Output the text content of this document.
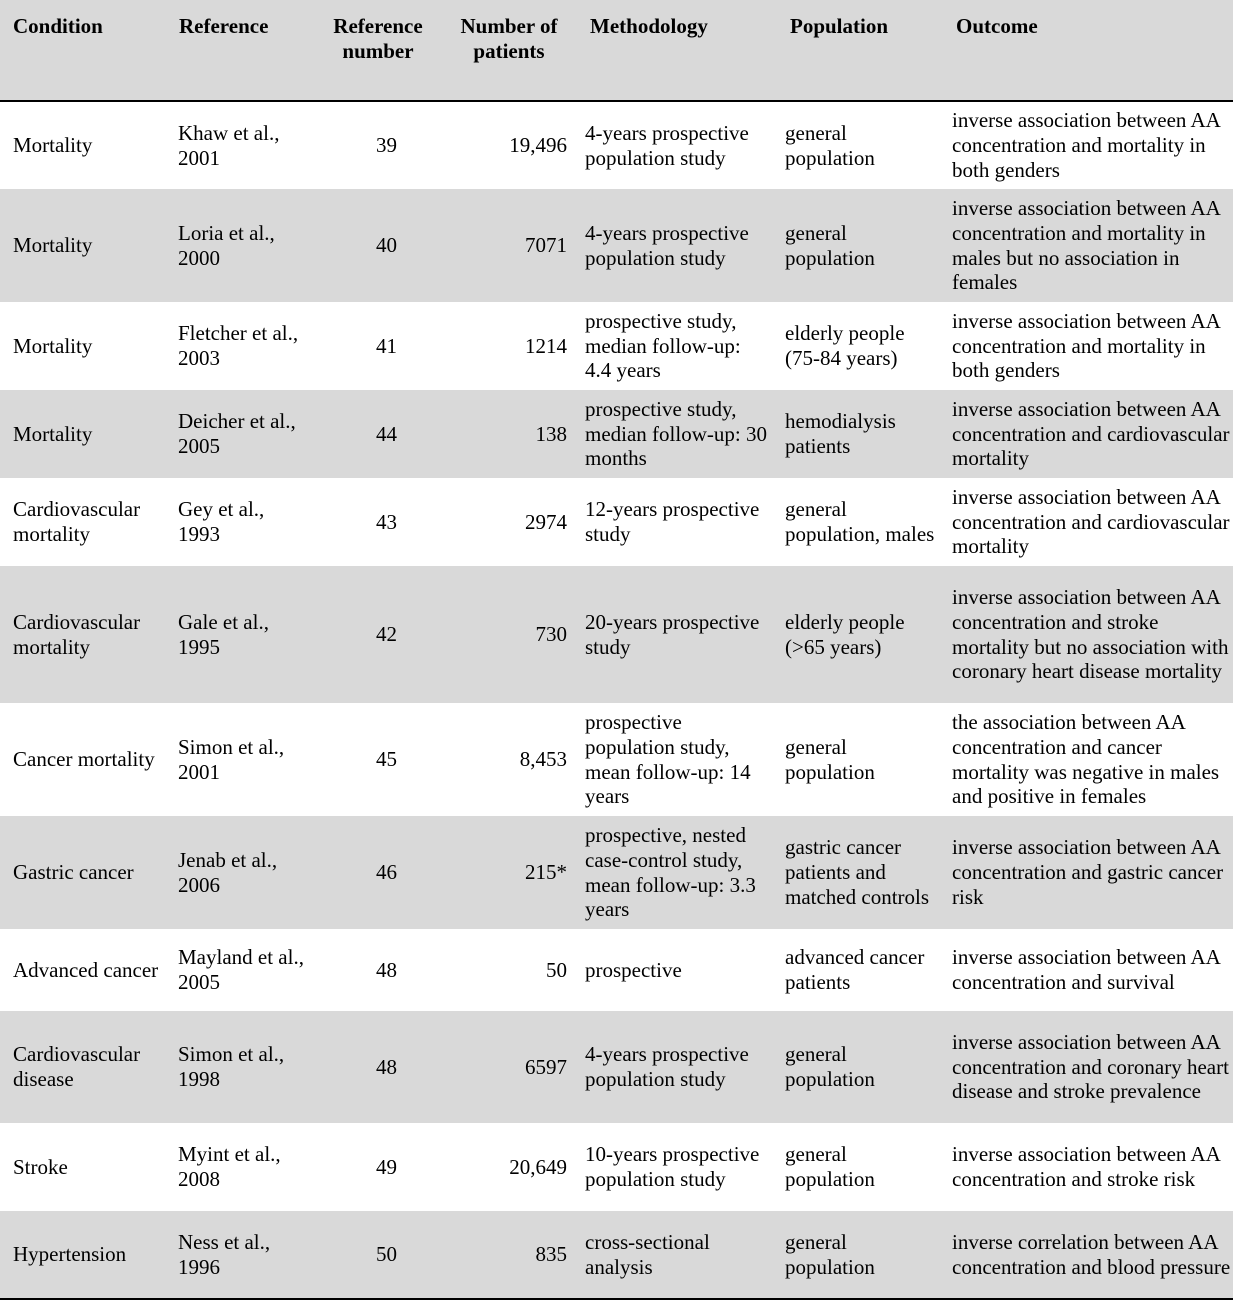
Condition	Reference	Reference number	Number of patients	Methodology	Population	Outcome
Mortality	Khaw et al., 2001	39	19,496	4-years prospective population study	general population	inverse association between AA concentration and mortality in both genders
Mortality	Loria et al., 2000	40	7071	4-years prospective population study	general population	inverse association between AA concentration and mortality in males but no association in females
Mortality	Fletcher et al., 2003	41	1214	prospective study, median follow-up: 4.4 years	elderly people (75-84 years)	inverse association between AA concentration and mortality in both genders
Mortality	Deicher et al., 2005	44	138	prospective study, median follow-up: 30 months	hemodialysis patients	inverse association between AA concentration and cardiovascular mortality
Cardiovascular mortality	Gey et al., 1993	43	2974	12-years prospective study	general population, males	inverse association between AA concentration and cardiovascular mortality
Cardiovascular mortality	Gale et al., 1995	42	730	20-years prospective study	elderly people (>65 years)	inverse association between AA concentration and stroke mortality but no association with coronary heart disease mortality
Cancer mortality	Simon et al., 2001	45	8,453	prospective population study, mean follow-up: 14 years	general population	the association between AA concentration and cancer mortality was negative in males and positive in females
Gastric cancer	Jenab et al., 2006	46	215*	prospective, nested case-control study, mean follow-up: 3.3 years	gastric cancer patients and matched controls	inverse association between AA concentration and gastric cancer risk
Advanced cancer	Mayland et al., 2005	48	50	prospective	advanced cancer patients	inverse association between AA concentration and survival
Cardiovascular disease	Simon et al., 1998	48	6597	4-years prospective population study	general population	inverse association between AA concentration and coronary heart disease and stroke prevalence
Stroke	Myint et al., 2008	49	20,649	10-years prospective population study	general population	inverse association between AA concentration and stroke risk
Hypertension	Ness et al., 1996	50	835	cross-sectional analysis	general population	inverse correlation between AA concentration and blood pressure
